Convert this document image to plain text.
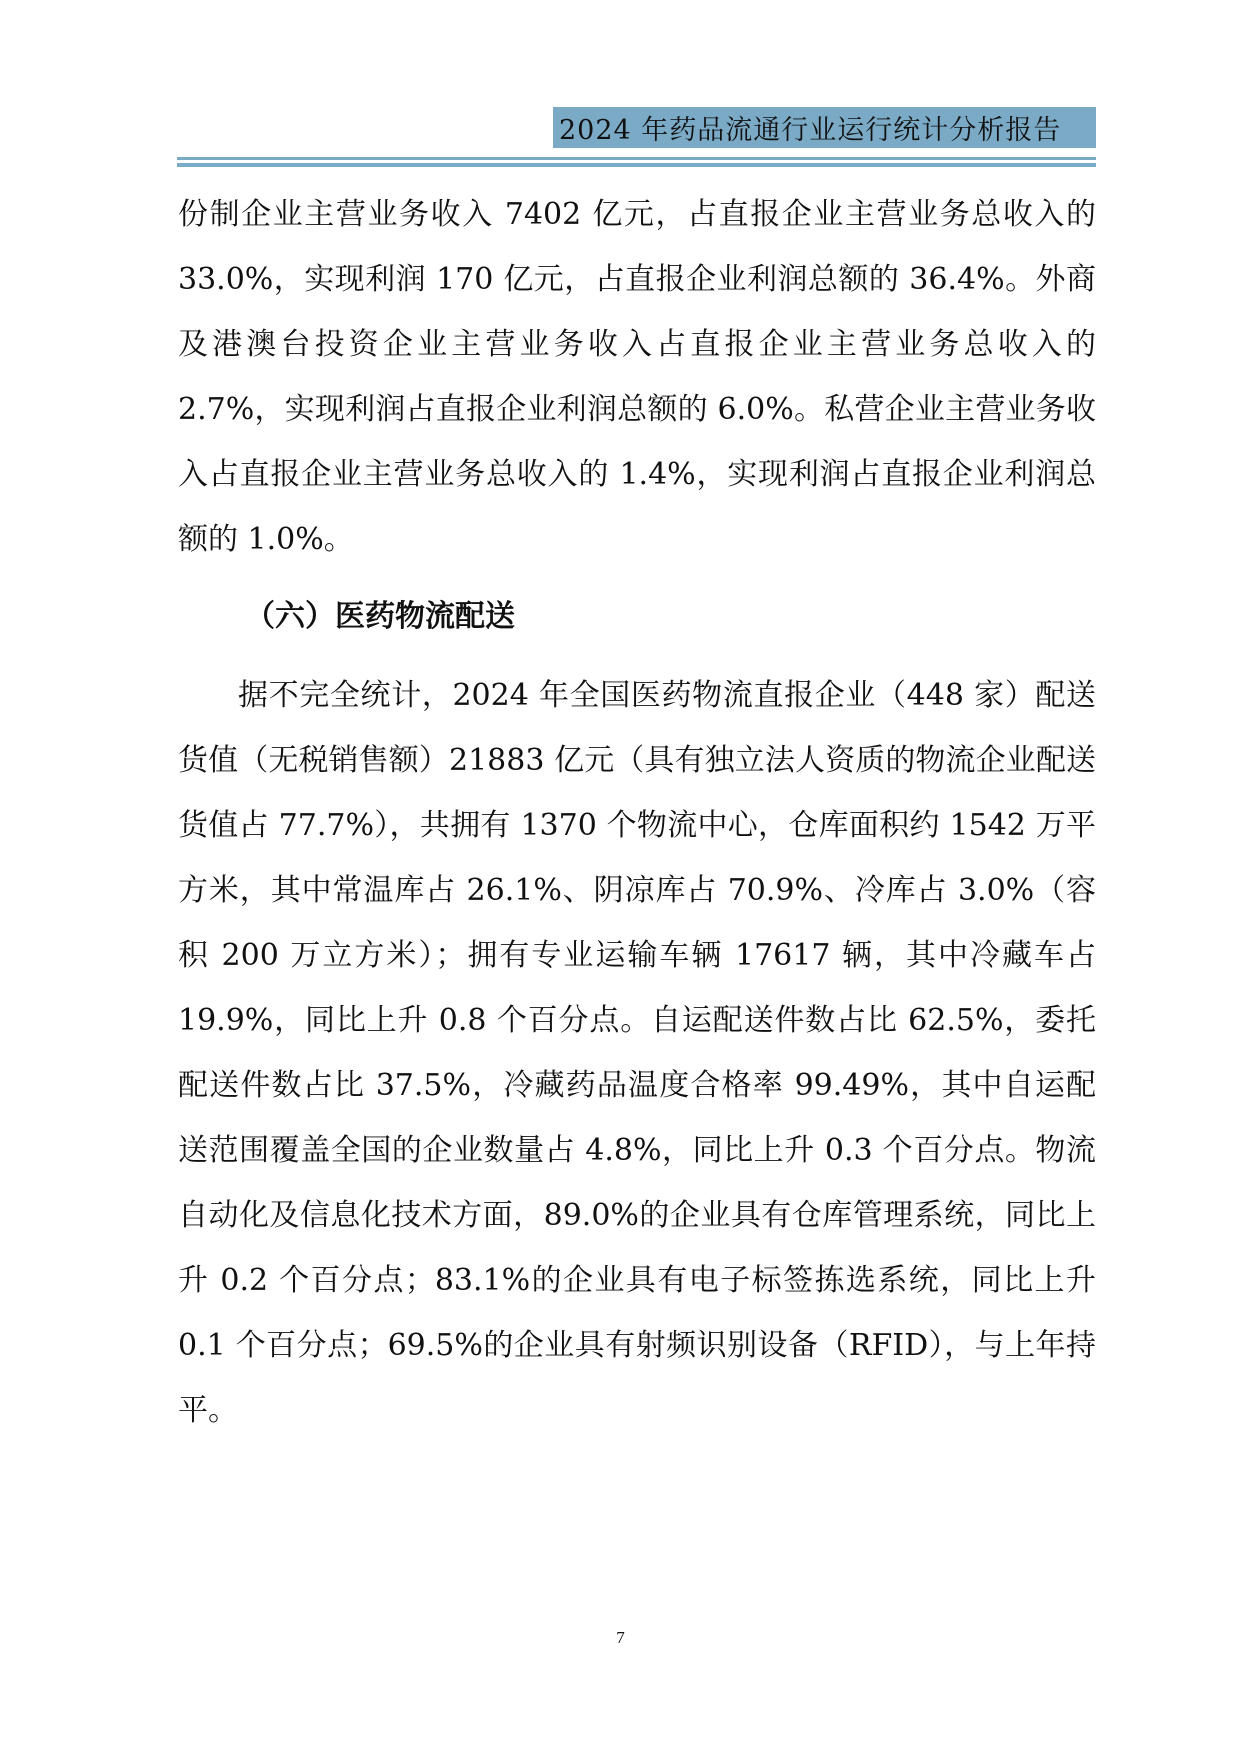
2024 年药品流通行业运行统计分析报告

份制企业主营业务收入 7402 亿元，占直报企业主营业务总收入的 33.0%，实现利润 170 亿元，占直报企业利润总额的 36.4%。外商及港澳台投资企业主营业务收入占直报企业主营业务总收入的 2.7%，实现利润占直报企业利润总额的 6.0%。私营企业主营业务收入占直报企业主营业务总收入的 1.4%，实现利润占直报企业利润总额的 1.0%。

（六）医药物流配送

据不完全统计，2024 年全国医药物流直报企业（448 家）配送货值（无税销售额）21883 亿元（具有独立法人资质的物流企业配送货值占 77.7%），共拥有 1370 个物流中心，仓库面积约 1542 万平方米，其中常温库占 26.1%、阴凉库占 70.9%、冷库占 3.0%（容积 200 万立方米）；拥有专业运输车辆 17617 辆，其中冷藏车占 19.9%，同比上升 0.8 个百分点。自运配送件数占比 62.5%，委托配送件数占比 37.5%，冷藏药品温度合格率 99.49%，其中自运配送范围覆盖全国的企业数量占 4.8%，同比上升 0.3 个百分点。物流自动化及信息化技术方面，89.0%的企业具有仓库管理系统，同比上升 0.2 个百分点；83.1%的企业具有电子标签拣选系统，同比上升 0.1 个百分点；69.5%的企业具有射频识别设备（RFID），与上年持平。

7
